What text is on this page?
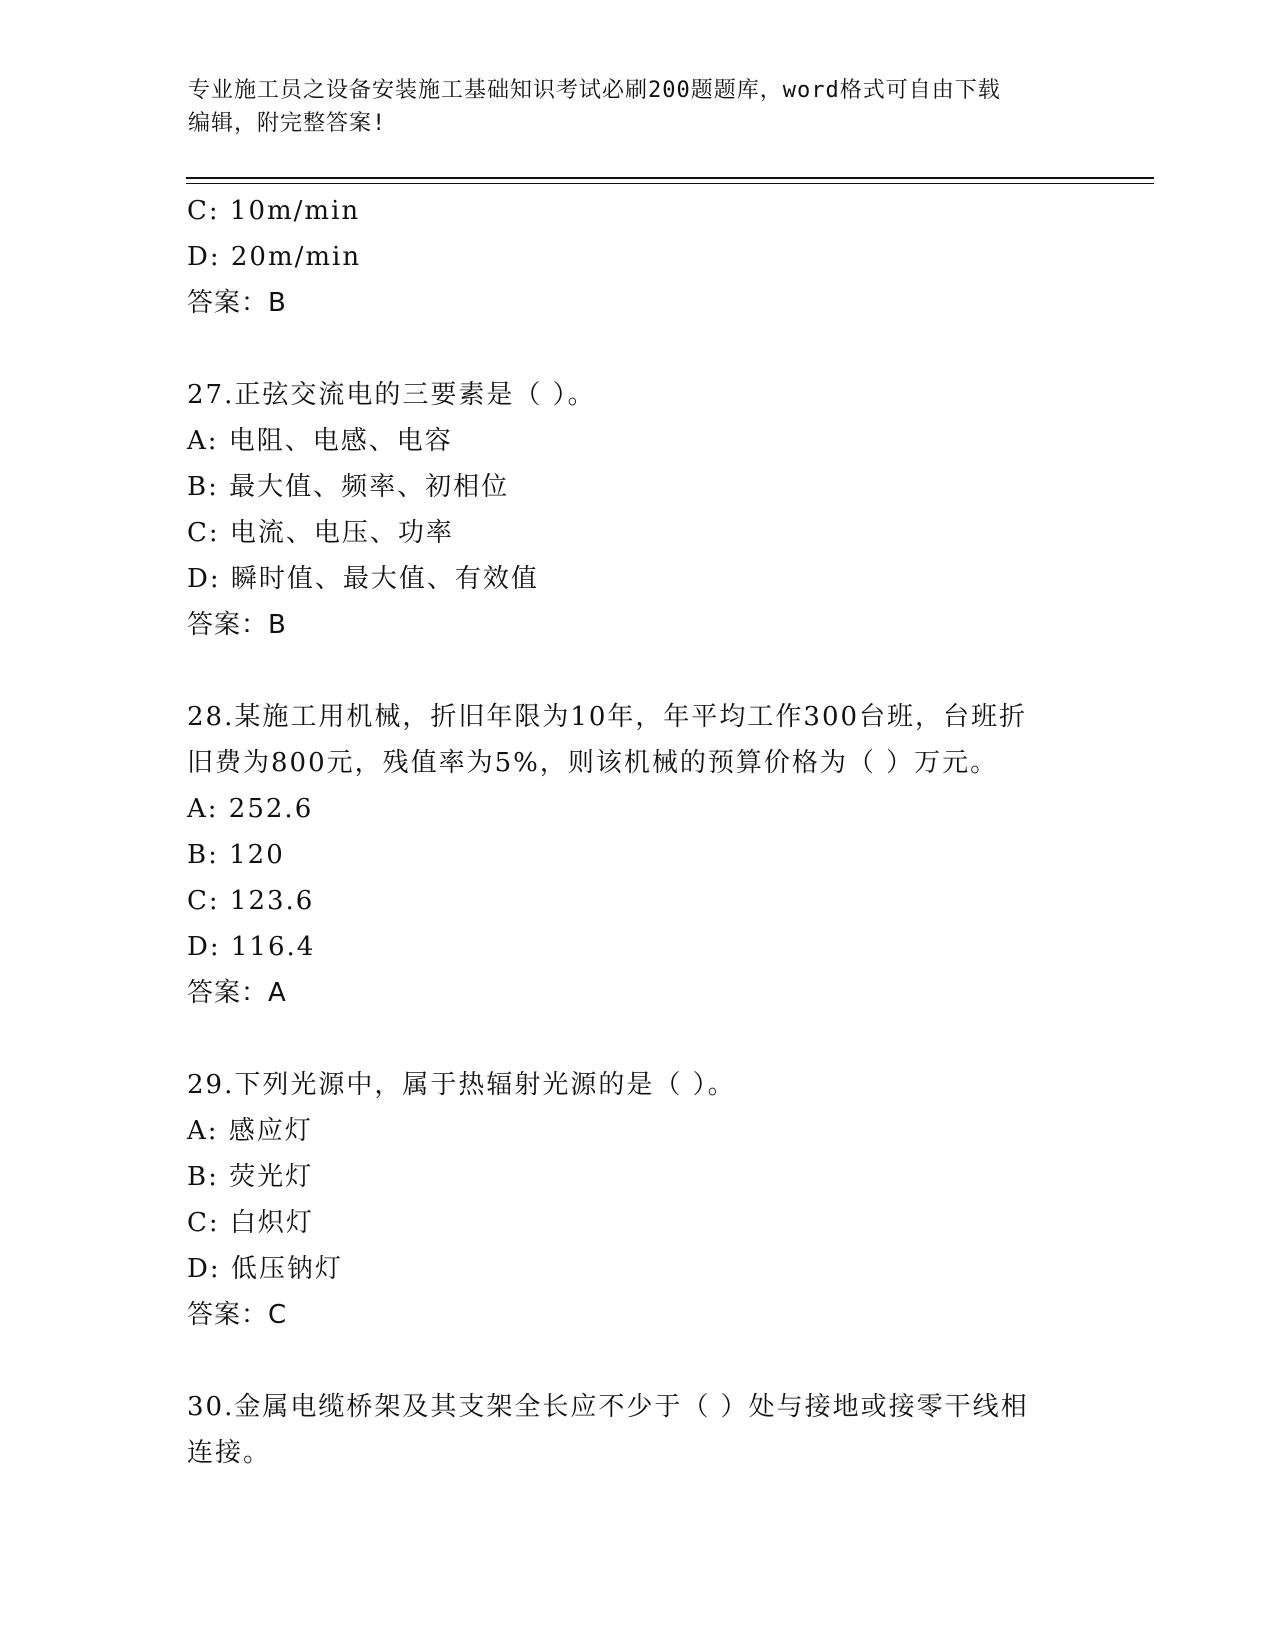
专业施工员之设备安装施工基础知识考试必刷200题题库，word格式可自由下载
编辑，附完整答案!
C: 10m/min
D: 20m/min
答案：B
27.正弦交流电的三要素是（ ）。
A: 电阻、电感、电容
B: 最大值、频率、初相位
C: 电流、电压、功率
D: 瞬时值、最大值、有效值
答案：B
28.某施工用机械，折旧年限为10年，年平均工作300台班，台班折
旧费为800元，残值率为5%，则该机械的预算价格为（ ）万元。
A: 252.6
B: 120
C: 123.6
D: 116.4
答案：A
29.下列光源中，属于热辐射光源的是（ ）。
A: 感应灯
B: 荧光灯
C: 白炽灯
D: 低压钠灯
答案：C
30.金属电缆桥架及其支架全长应不少于（ ）处与接地或接零干线相
连接。
